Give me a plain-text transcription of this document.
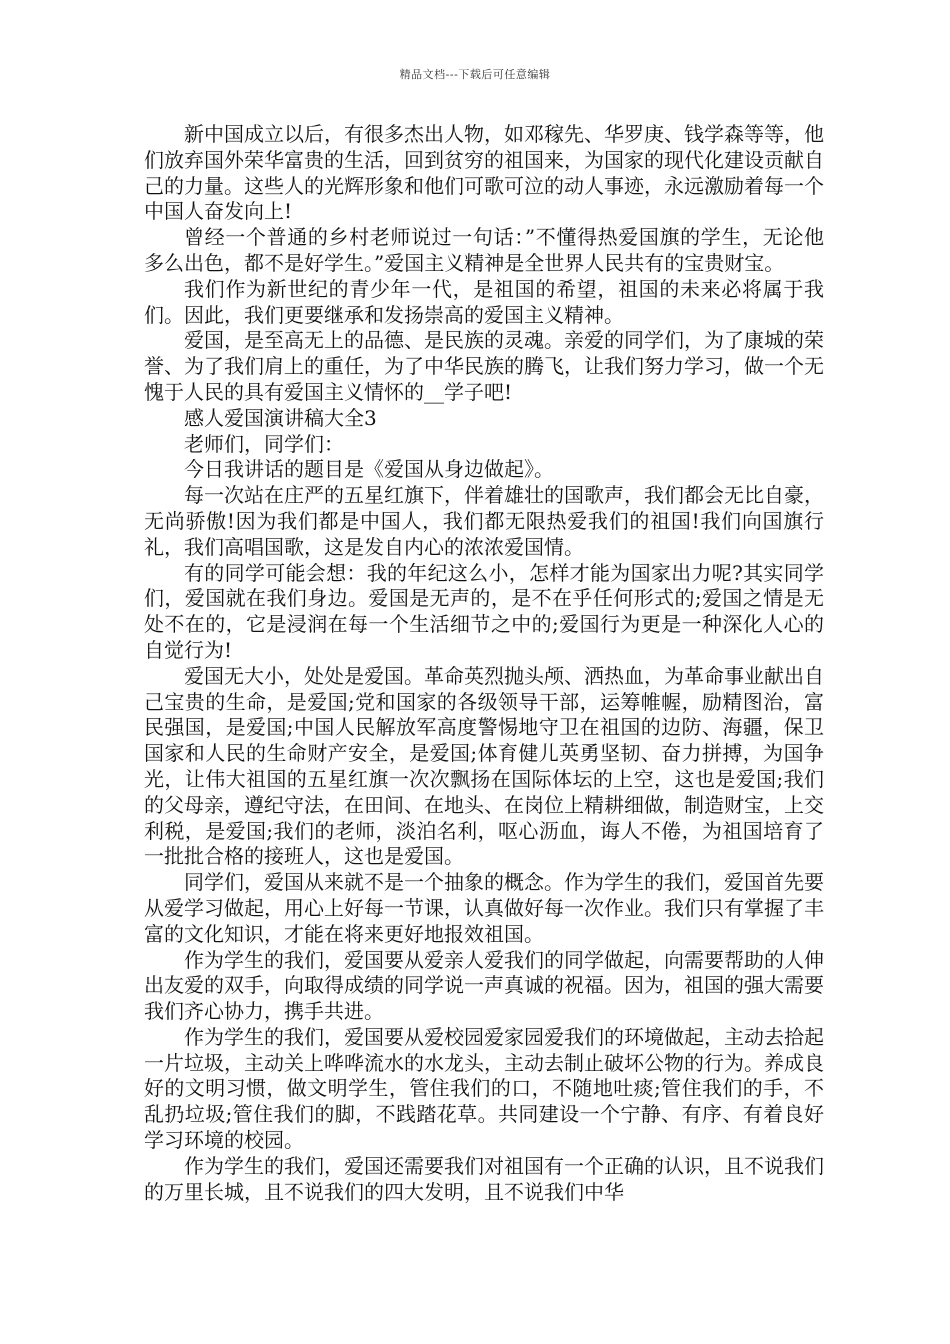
精品文档---下载后可任意编辑

新中国成立以后，有很多杰出人物，如邓稼先、华罗庚、钱学森等等，他们放弃国外荣华富贵的生活，回到贫穷的祖国来，为国家的现代化建设贡献自己的力量。这些人的光辉形象和他们可歌可泣的动人事迹，永远激励着每一个中国人奋发向上!

曾经一个普通的乡村老师说过一句话：”不懂得热爱国旗的学生，无论他多么出色，都不是好学生。”爱国主义精神是全世界人民共有的宝贵财宝。

我们作为新世纪的青少年一代，是祖国的希望，祖国的未来必将属于我们。因此，我们更要继承和发扬崇高的爱国主义精神。

爱国，是至高无上的品德、是民族的灵魂。亲爱的同学们，为了康城的荣誉、为了我们肩上的重任，为了中华民族的腾飞，让我们努力学习，做一个无愧于人民的具有爱国主义情怀的__学子吧!

感人爱国演讲稿大全3

老师们，同学们：

今日我讲话的题目是《爱国从身边做起》。

每一次站在庄严的五星红旗下，伴着雄壮的国歌声，我们都会无比自豪，无尚骄傲!因为我们都是中国人，我们都无限热爱我们的祖国!我们向国旗行礼，我们高唱国歌，这是发自内心的浓浓爱国情。

有的同学可能会想：我的年纪这么小，怎样才能为国家出力呢?其实同学们，爱国就在我们身边。爱国是无声的，是不在乎任何形式的;爱国之情是无处不在的，它是浸润在每一个生活细节之中的;爱国行为更是一种深化人心的自觉行为!

爱国无大小，处处是爱国。革命英烈抛头颅、洒热血，为革命事业献出自己宝贵的生命，是爱国;党和国家的各级领导干部，运筹帷幄，励精图治，富民强国，是爱国;中国人民解放军高度警惕地守卫在祖国的边防、海疆，保卫国家和人民的生命财产安全，是爱国;体育健儿英勇坚韧、奋力拼搏，为国争光，让伟大祖国的五星红旗一次次飘扬在国际体坛的上空，这也是爱国;我们的父母亲，遵纪守法，在田间、在地头、在岗位上精耕细做，制造财宝，上交利税，是爱国;我们的老师，淡泊名利，呕心沥血，诲人不倦，为祖国培育了一批批合格的接班人，这也是爱国。

同学们，爱国从来就不是一个抽象的概念。作为学生的我们，爱国首先要从爱学习做起，用心上好每一节课，认真做好每一次作业。我们只有掌握了丰富的文化知识，才能在将来更好地报效祖国。

作为学生的我们，爱国要从爱亲人爱我们的同学做起，向需要帮助的人伸出友爱的双手，向取得成绩的同学说一声真诚的祝福。因为，祖国的强大需要我们齐心协力，携手共进。

作为学生的我们，爱国要从爱校园爱家园爱我们的环境做起，主动去拾起一片垃圾，主动关上哗哗流水的水龙头，主动去制止破坏公物的行为。养成良好的文明习惯，做文明学生，管住我们的口，不随地吐痰;管住我们的手，不乱扔垃圾;管住我们的脚，不践踏花草。共同建设一个宁静、有序、有着良好学习环境的校园。

作为学生的我们，爱国还需要我们对祖国有一个正确的认识，且不说我们的万里长城，且不说我们的四大发明，且不说我们中华
